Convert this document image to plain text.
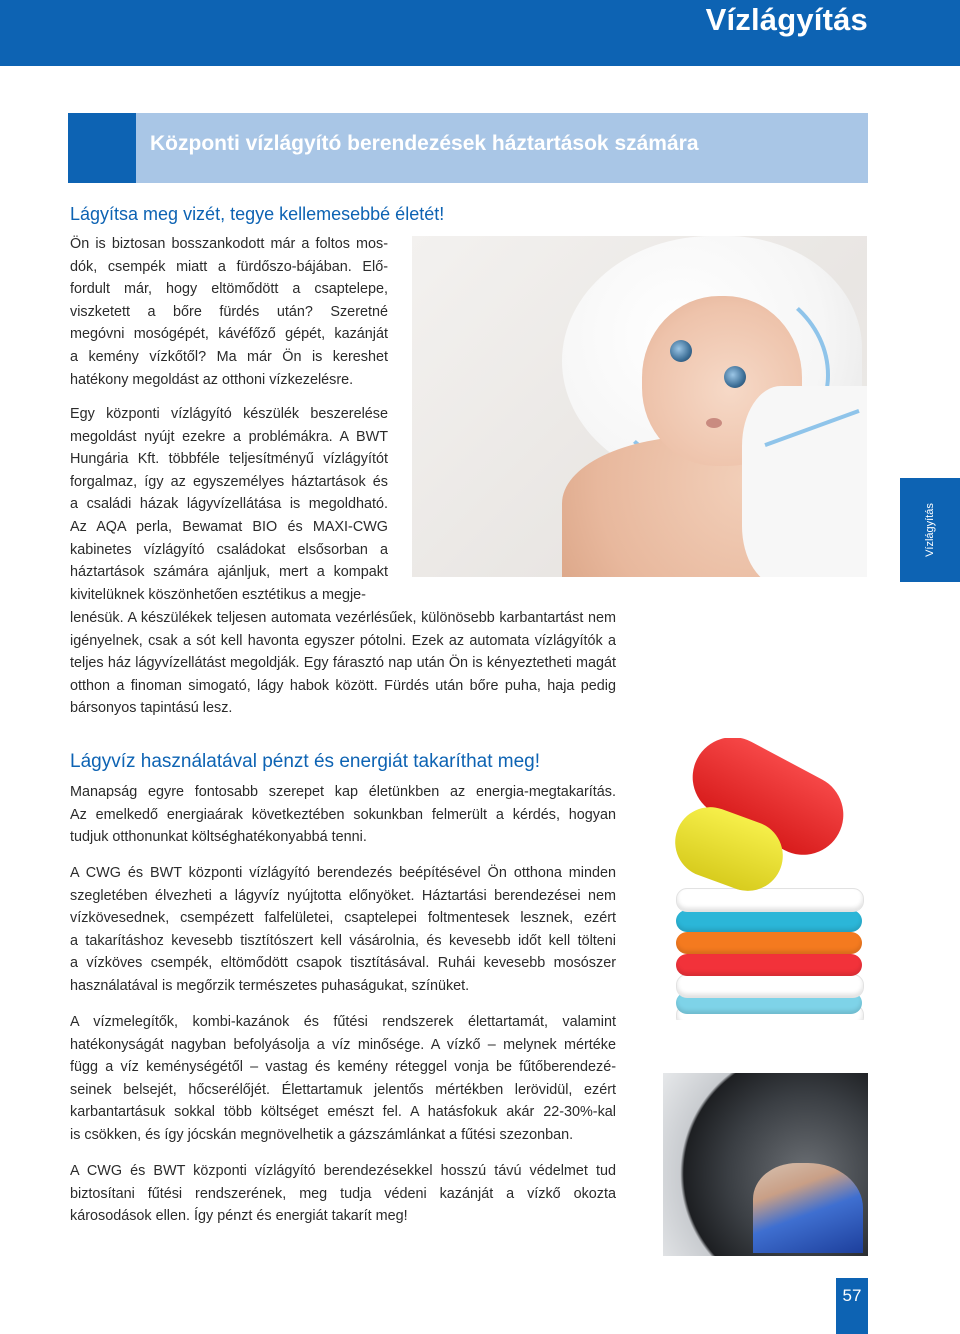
Vízlágyítás
Központi vízlágyító berendezések háztartások számára
Lágyítsa meg vizét, tegye kellemesebbé életét!
Ön is biztosan bosszankodott már a foltos mos-
dók, csempék miatt a fürdőszo-bájában. Elő-
fordult már, hogy eltömődött a csaptelepe,
viszketett a bőre fürdés után? Szeretné
megóvni mosógépét, kávéfőző gépét, kazánját
a kemény vízkőtől? Ma már Ön is kereshet
hatékony megoldást az otthoni vízkezelésre.
Egy központi vízlágyító készülék beszerelése
megoldást nyújt ezekre a problémákra. A BWT
Hungária Kft. többféle teljesítményű vízlágyítót
forgalmaz, így az egyszemélyes háztartások és
a családi házak lágyvízellátása is megoldható.
Az AQA perla, Bewamat BIO és MAXI-CWG
kabinetes vízlágyító családokat elsősorban a
háztartások számára ajánljuk, mert a kompakt
kivitelüknek köszönhetően esztétikus a megje-
lenésük. A készülékek teljesen automata vezérlésűek, különösebb karbantartást nem
igényelnek, csak a sót kell havonta egyszer pótolni. Ezek az automata vízlágyítók a
teljes ház lágyvízellátást megoldják. Egy fárasztó nap után Ön is kényeztetheti magát
otthon a finoman simogató, lágy habok között. Fürdés után bőre puha, haja pedig
bársonyos tapintású lesz.
Vízlágyítás
Lágyvíz használatával pénzt és energiát takaríthat meg!
Manapság egyre fontosabb szerepet kap életünkben az energia-megtakarítás.
Az emelkedő energiaárak következtében sokunkban felmerült a kérdés, hogyan
tudjuk otthonunkat költséghatékonyabbá tenni.
A CWG és BWT központi vízlágyító berendezés beépítésével Ön otthona minden
szegletében élvezheti a lágyvíz nyújtotta előnyöket. Háztartási berendezései nem
vízkövesednek, csempézett falfelületei, csaptelepei foltmentesek lesznek, ezért
a takarításhoz kevesebb tisztítószert kell vásárolnia, és kevesebb időt kell tölteni
a vízköves csempék, eltömődött csapok tisztításával. Ruhái kevesebb mosószer
használatával is megőrzik természetes puhaságukat, színüket.
A vízmelegítők, kombi-kazánok és fűtési rendszerek élettartamát, valamint
hatékonyságát nagyban befolyásolja a víz minősége. A vízkő – melynek mértéke
függ a víz keménységétől – vastag és kemény réteggel vonja be fűtőberendezé-
seinek belsejét, hőcserélőjét. Élettartamuk jelentős mértékben lerövidül, ezért
karbantartásuk sokkal több költséget emészt fel. A hatásfokuk akár 22-30%-kal
is csökken, és így jócskán megnövelhetik a gázszámlánkat a fűtési szezonban.
A CWG és BWT központi vízlágyító berendezésekkel hosszú távú védelmet tud
biztosítani fűtési rendszerének, meg tudja védeni kazánját a vízkő okozta
károsodások ellen. Így pénzt és energiát takarít meg!
57
